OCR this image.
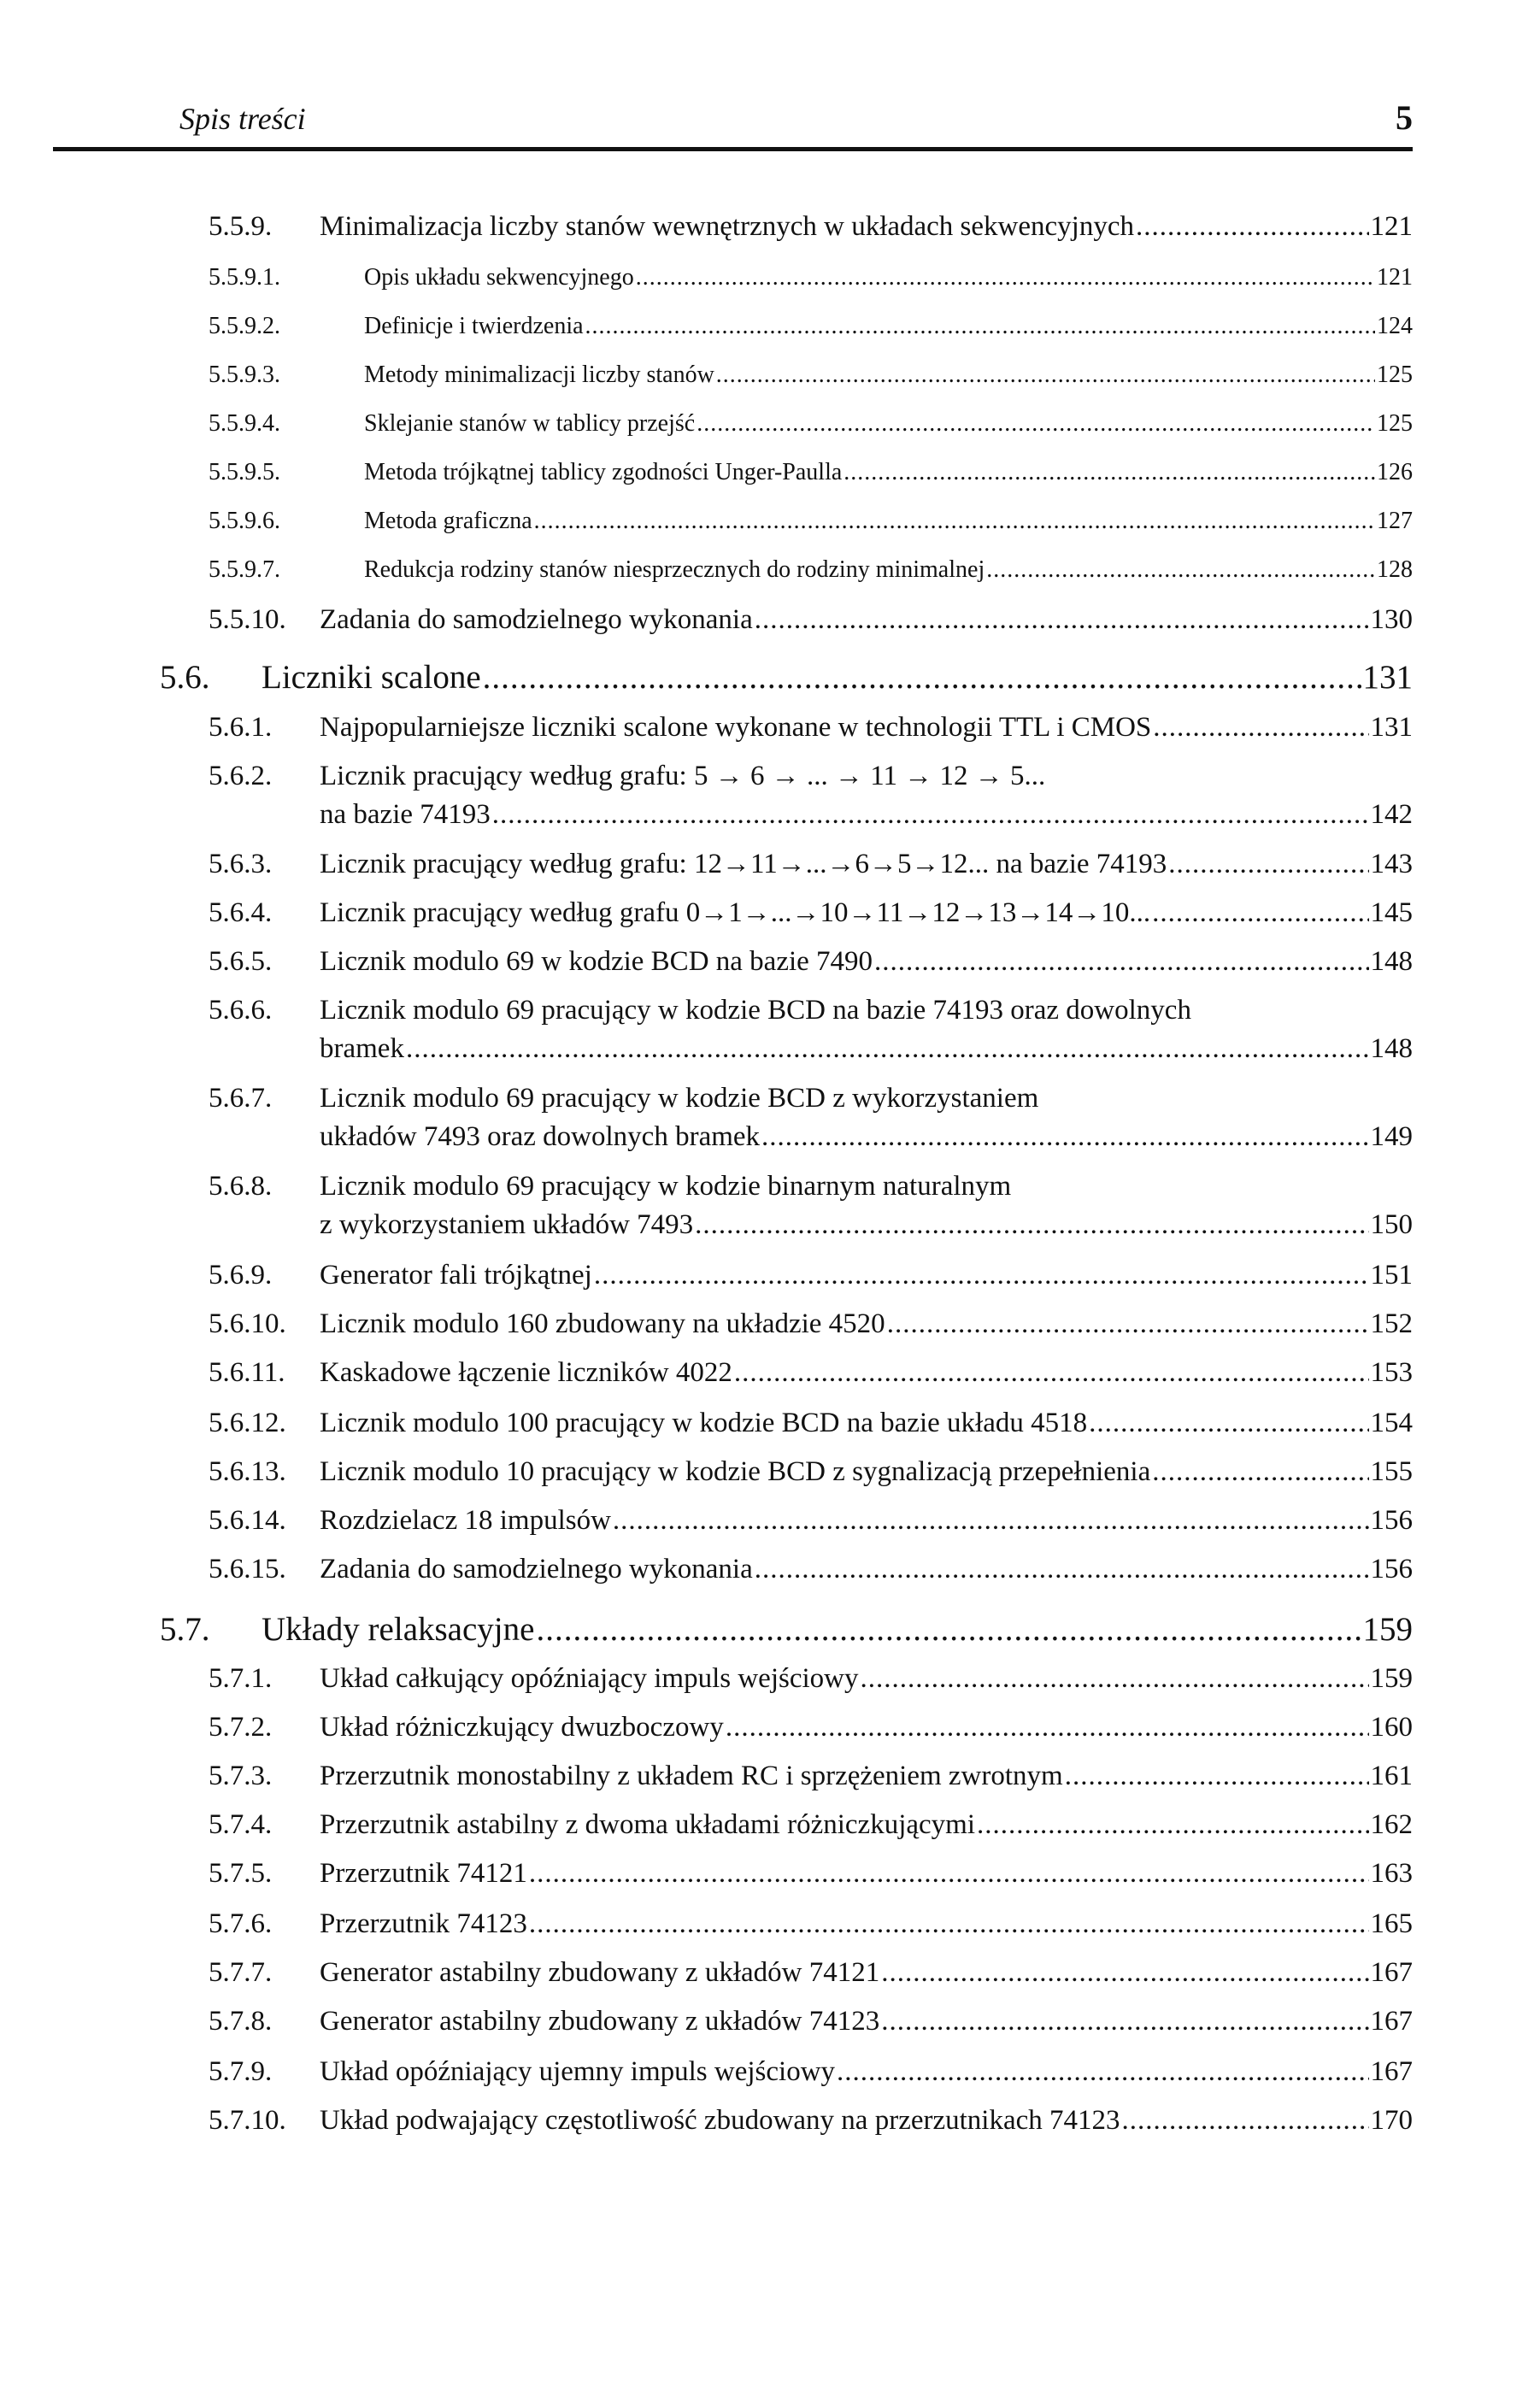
Spis treści	5
5.5.9. Minimalizacja liczby stanów wewnętrznych w układach sekwencyjnych .....	121
5.5.9.1.	Opis układu sekwencyjnego .....	121
5.5.9.2.	Definicje i twierdzenia .....	124
5.5.9.3.	Metody minimalizacji liczby stanów .....	125
5.5.9.4.	Sklejanie stanów w tablicy przejść .....	125
5.5.9.5.	Metoda trójkątnej tablicy zgodności Unger-Paulla .....	126
5.5.9.6.	Metoda graficzna .....	127
5.5.9.7.	Redukcja rodziny stanów niesprzecznych do rodziny minimalnej .....	128
5.5.10. Zadania do samodzielnego wykonania .....	130
5.6. Liczniki scalone .....	131
5.6.1. Najpopularniejsze liczniki scalone wykonane w technologii TTL i CMOS .....	131
5.6.2. Licznik pracujący według grafu: 5 → 6 → ... → 11 → 12 → 5...
na bazie 74193 .....	142
5.6.3. Licznik pracujący według grafu: 12→11→...→6→5→12... na bazie 74193 .....	143
5.6.4. Licznik pracujący według grafu 0→1→...→10→11→12→13→14→10... .....	145
5.6.5. Licznik modulo 69 w kodzie BCD na bazie 7490 .....	148
5.6.6. Licznik modulo 69 pracujący w kodzie BCD na bazie 74193 oraz dowolnych
bramek .....	148
5.6.7. Licznik modulo 69 pracujący w kodzie BCD z wykorzystaniem
układów 7493 oraz dowolnych bramek .....	149
5.6.8. Licznik modulo 69 pracujący w kodzie binarnym naturalnym
z wykorzystaniem układów 7493 .....	150
5.6.9. Generator fali trójkątnej .....	151
5.6.10. Licznik modulo 160 zbudowany na układzie 4520 .....	152
5.6.11. Kaskadowe łączenie liczników 4022 .....	153
5.6.12. Licznik modulo 100 pracujący w kodzie BCD na bazie układu 4518 .....	154
5.6.13. Licznik modulo 10 pracujący w kodzie BCD z sygnalizacją przepełnienia .....	155
5.6.14. Rozdzielacz 18 impulsów .....	156
5.6.15. Zadania do samodzielnego wykonania .....	156
5.7. Układy relaksacyjne .....	159
5.7.1. Układ całkujący opóźniający impuls wejściowy .....	159
5.7.2. Układ różniczkujący dwuzboczowy .....	160
5.7.3. Przerzutnik monostabilny z układem RC i sprzężeniem zwrotnym .....	161
5.7.4. Przerzutnik astabilny z dwoma układami różniczkującymi .....	162
5.7.5. Przerzutnik 74121 .....	163
5.7.6. Przerzutnik 74123 .....	165
5.7.7. Generator astabilny zbudowany z układów 74121 .....	167
5.7.8. Generator astabilny zbudowany z układów 74123 .....	167
5.7.9. Układ opóźniający ujemny impuls wejściowy .....	167
5.7.10. Układ podwajający częstotliwość zbudowany na przerzutnikach 74123 .....	170
